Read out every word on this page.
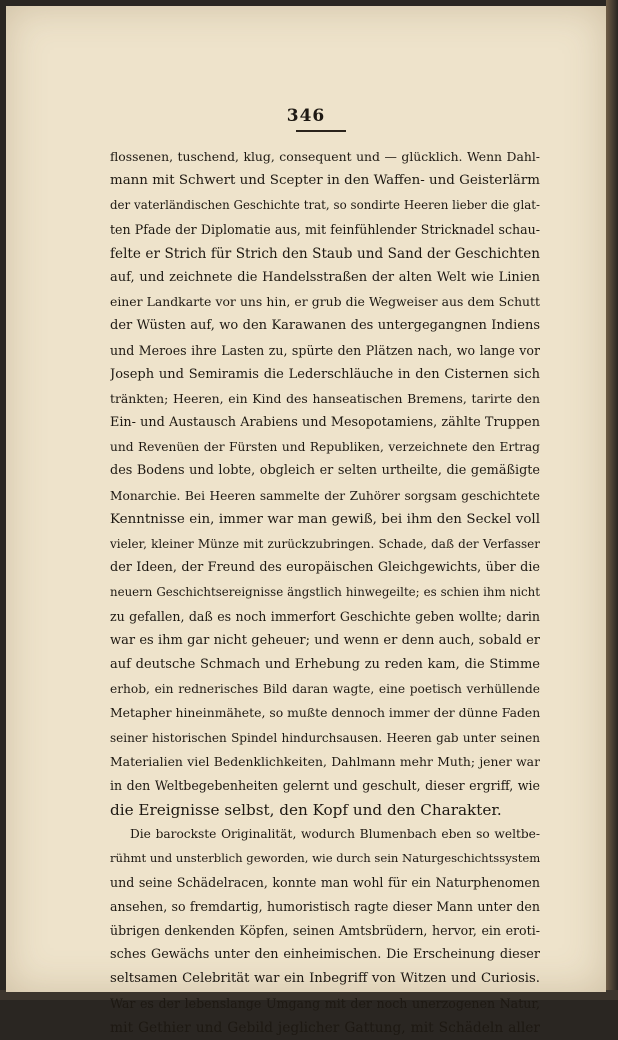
346
flossenen, tuschend, klug, consequent und — glücklich. Wenn Dahl-
mann mit Schwert und Scepter in den Waffen- und Geisterlärm
der vaterländischen Geschichte trat, so sondirte Heeren lieber die glat-
ten Pfade der Diplomatie aus, mit feinfühlender Stricknadel schau-
felte er Strich für Strich den Staub und Sand der Geschichten
auf, und zeichnete die Handelsstraßen der alten Welt wie Linien
einer Landkarte vor uns hin, er grub die Wegweiser aus dem Schutt
der Wüsten auf, wo den Karawanen des untergegangnen Indiens
und Meroes ihre Lasten zu, spürte den Plätzen nach, wo lange vor
Joseph und Semiramis die Lederschläuche in den Cisternen sich
tränkten; Heeren, ein Kind des hanseatischen Bremens, tarirte den
Ein- und Austausch Arabiens und Mesopotamiens, zählte Truppen
und Revenüen der Fürsten und Republiken, verzeichnete den Ertrag
des Bodens und lobte, obgleich er selten urtheilte, die gemäßigte
Monarchie. Bei Heeren sammelte der Zuhörer sorgsam geschichtete
Kenntnisse ein, immer war man gewiß, bei ihm den Seckel voll
vieler, kleiner Münze mit zurückzubringen. Schade, daß der Verfasser
der Ideen, der Freund des europäischen Gleichgewichts, über die
neuern Geschichtsereignisse ängstlich hinwegeilte; es schien ihm nicht
zu gefallen, daß es noch immerfort Geschichte geben wollte; darin
war es ihm gar nicht geheuer; und wenn er denn auch, sobald er
auf deutsche Schmach und Erhebung zu reden kam, die Stimme
erhob, ein rednerisches Bild daran wagte, eine poetisch verhüllende
Metapher hineinmähete, so mußte dennoch immer der dünne Faden
seiner historischen Spindel hindurchsausen. Heeren gab unter seinen
Materialien viel Bedenklichkeiten, Dahlmann mehr Muth; jener war
in den Weltbegebenheiten gelernt und geschult, dieser ergriff, wie
die Ereignisse selbst, den Kopf und den Charakter.
Die barockste Originalität, wodurch Blumenbach eben so weltbe-
rühmt und unsterblich geworden, wie durch sein Naturgeschichtssystem
und seine Schädelracen, konnte man wohl für ein Naturphenomen
ansehen, so fremdartig, humoristisch ragte dieser Mann unter den
übrigen denkenden Köpfen, seinen Amtsbrüdern, hervor, ein eroti-
sches Gewächs unter den einheimischen. Die Erscheinung dieser
seltsamen Celebrität war ein Inbegriff von Witzen und Curiosis.
War es der lebenslange Umgang mit der noch unerzogenen Natur,
mit Gethier und Gebild jeglicher Gattung, mit Schädeln aller
